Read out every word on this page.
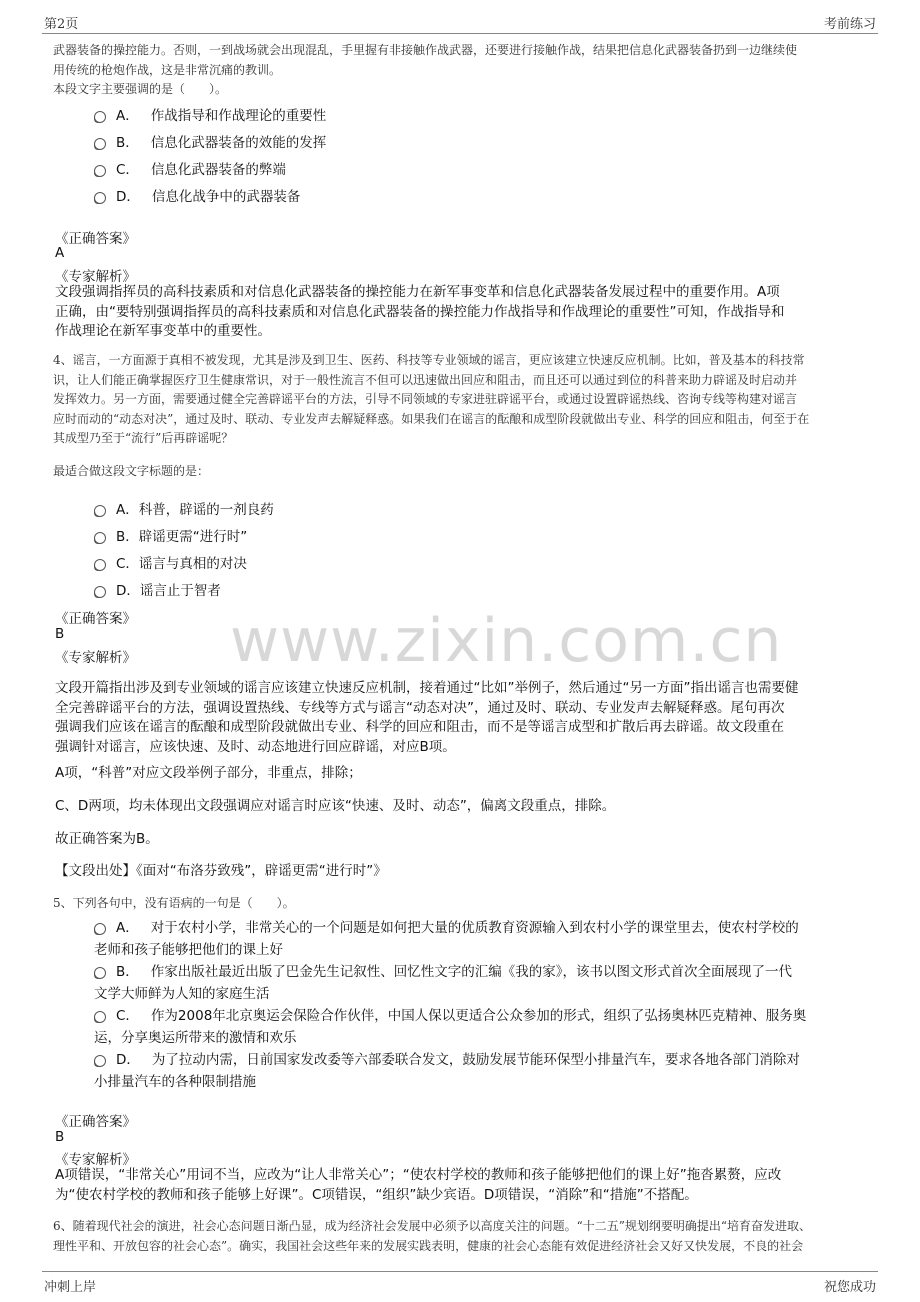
第2页	考前练习
www.zixin.com.cn
武器装备的操控能力。否则，一到战场就会出现混乱，手里握有非接触作战武器，还要进行接触作战，结果把信息化武器装备扔到一边继续使
用传统的枪炮作战，这是非常沉痛的教训。
本段文字主要强调的是（　　）。
A． 作战指导和作战理论的重要性
B． 信息化武器装备的效能的发挥
C． 信息化武器装备的弊端
D． 信息化战争中的武器装备
《正确答案》
A
《专家解析》
文段强调指挥员的高科技素质和对信息化武器装备的操控能力在新军事变革和信息化武器装备发展过程中的重要作用。A项
正确，由“要特别强调指挥员的高科技素质和对信息化武器装备的操控能力作战指导和作战理论的重要性”可知，作战指导和
作战理论在新军事变革中的重要性。
4、谣言，一方面源于真相不被发现，尤其是涉及到卫生、医药、科技等专业领域的谣言，更应该建立快速反应机制。比如，普及基本的科技常
识，让人们能正确掌握医疗卫生健康常识，对于一般性流言不但可以迅速做出回应和阻击，而且还可以通过到位的科普来助力辟谣及时启动并
发挥效力。另一方面，需要通过健全完善辟谣平台的方法，引导不同领域的专家进驻辟谣平台，或通过设置辟谣热线、咨询专线等构建对谣言
应时而动的“动态对决”，通过及时、联动、专业发声去解疑释惑。如果我们在谣言的酝酿和成型阶段就做出专业、科学的回应和阻击，何至于在
其成型乃至于“流行”后再辟谣呢？
最适合做这段文字标题的是：
A．科普，辟谣的一剂良药
B．辟谣更需“进行时”
C．谣言与真相的对决
D．谣言止于智者
《正确答案》
B
《专家解析》
文段开篇指出涉及到专业领域的谣言应该建立快速反应机制，接着通过“比如”举例子，然后通过“另一方面”指出谣言也需要健
全完善辟谣平台的方法，强调设置热线、专线等方式与谣言“动态对决”，通过及时、联动、专业发声去解疑释惑。尾句再次
强调我们应该在谣言的酝酿和成型阶段就做出专业、科学的回应和阻击，而不是等谣言成型和扩散后再去辟谣。故文段重在
强调针对谣言，应该快速、及时、动态地进行回应辟谣，对应B项。
A项，“科普”对应文段举例子部分，非重点，排除；
C、D两项，均未体现出文段强调应对谣言时应该“快速、及时、动态”，偏离文段重点，排除。
故正确答案为B。
【文段出处】《面对“布洛芬致残”，辟谣更需“进行时”》
5、下列各句中，没有语病的一句是（　　）。
A． 对于农村小学，非常关心的一个问题是如何把大量的优质教育资源输入到农村小学的课堂里去，使农村学校的
老师和孩子能够把他们的课上好
B． 作家出版社最近出版了巴金先生记叙性、回忆性文字的汇编《我的家》，该书以图文形式首次全面展现了一代
文学大师鲜为人知的家庭生活
C． 作为2008年北京奥运会保险合作伙伴，中国人保以更适合公众参加的形式，组织了弘扬奥林匹克精神、服务奥
运，分享奥运所带来的激情和欢乐
D． 为了拉动内需，日前国家发改委等六部委联合发文，鼓励发展节能环保型小排量汽车，要求各地各部门消除对
小排量汽车的各种限制措施
《正确答案》
B
《专家解析》
A项错误，“非常关心”用词不当，应改为“让人非常关心”；“使农村学校的教师和孩子能够把他们的课上好”拖沓累赘，应改
为“使农村学校的教师和孩子能够上好课”。C项错误，“组织”缺少宾语。D项错误，“消除”和“措施”不搭配。
6、随着现代社会的演进，社会心态问题日渐凸显，成为经济社会发展中必须予以高度关注的问题。“十二五”规划纲要明确提出“培育奋发进取、
理性平和、开放包容的社会心态”。确实，我国社会这些年来的发展实践表明，健康的社会心态能有效促进经济社会又好又快发展，不良的社会
冲刺上岸	祝您成功
